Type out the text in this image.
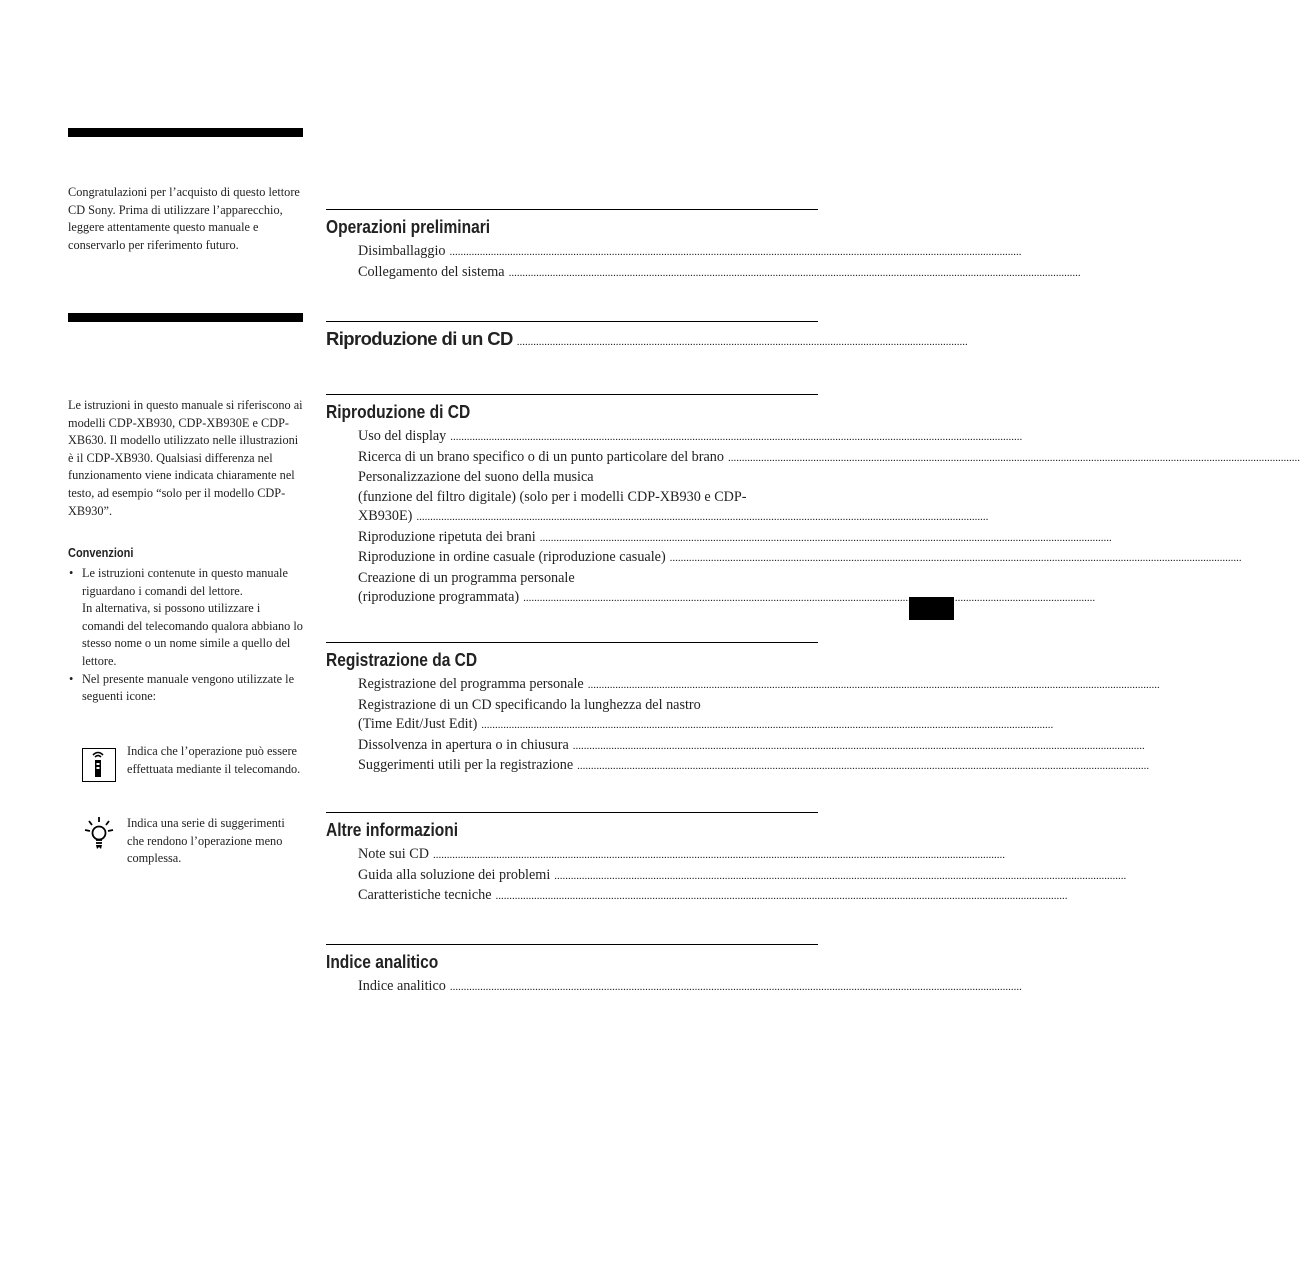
Congratulazioni per l’acquisto di questo lettore CD Sony. Prima di utilizzare l’apparecchio, leggere attentamente questo manuale e conservarlo per riferimento futuro.

Le istruzioni in questo manuale si riferiscono ai modelli CDP-XB930, CDP-XB930E e CDP-XB630. Il modello utilizzato nelle illustrazioni è il CDP-XB930. Qualsiasi differenza nel funzionamento viene indicata chiaramente nel testo, ad esempio “solo per il modello CDP-XB930”.

Convenzioni
• Le istruzioni contenute in questo manuale riguardano i comandi del lettore.
In alternativa, si possono utilizzare i comandi del telecomando qualora abbiano lo stesso nome o un nome simile a quello del lettore.
• Nel presente manuale vengono utilizzate le seguenti icone:
Indica che l’operazione può essere effettuata mediante il telecomando.
Indica una serie di suggerimenti che rendono l’operazione meno complessa.
Operazioni preliminari
Disimballaggio
.....
Collegamento del sistema
.....
Riproduzione di un CD ....................................................................................................................................................................
Riproduzione di CD
Uso del display
.....
Ricerca di un brano specifico o di un punto particolare del brano
.....
Personalizzazione del suono della musica
(funzione del filtro digitale) (solo per i modelli CDP-XB930 e CDP-
XB930E)
.....
Riproduzione ripetuta dei brani
.....
Riproduzione in ordine casuale (riproduzione casuale)
.....
Creazione di un programma personale
(riproduzione programmata)
.....
Registrazione da CD
Registrazione del programma personale
.....
Registrazione di un CD specificando la lunghezza del nastro
(Time Edit/Just Edit)
.....
Dissolvenza in apertura o in chiusura
.....
Suggerimenti utili per la registrazione
.....
Altre informazioni
Note sui CD
.....
Guida alla soluzione dei problemi
.....
Caratteristiche tecniche
.....
Indice analitico
Indice analitico
.....
